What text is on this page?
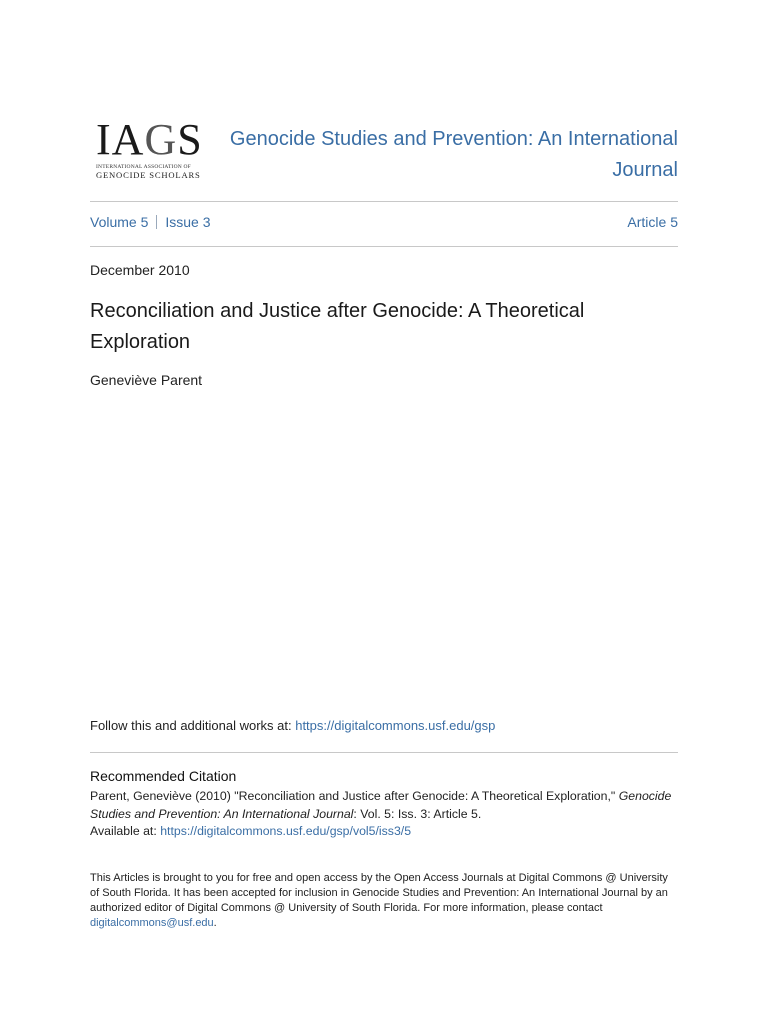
IAGS
INTERNATIONAL ASSOCIATION OF
GENOCIDE SCHOLARS
Genocide Studies and Prevention: An International Journal
Volume 5 Issue 3	Article 5
December 2010
Reconciliation and Justice after Genocide: A Theoretical Exploration
Geneviève Parent
Follow this and additional works at: https://digitalcommons.usf.edu/gsp
Recommended Citation
Parent, Geneviève (2010) "Reconciliation and Justice after Genocide: A Theoretical Exploration," Genocide Studies and Prevention: An International Journal: Vol. 5: Iss. 3: Article 5.
Available at: https://digitalcommons.usf.edu/gsp/vol5/iss3/5
This Articles is brought to you for free and open access by the Open Access Journals at Digital Commons @ University of South Florida. It has been accepted for inclusion in Genocide Studies and Prevention: An International Journal by an authorized editor of Digital Commons @ University of South Florida. For more information, please contact digitalcommons@usf.edu.
